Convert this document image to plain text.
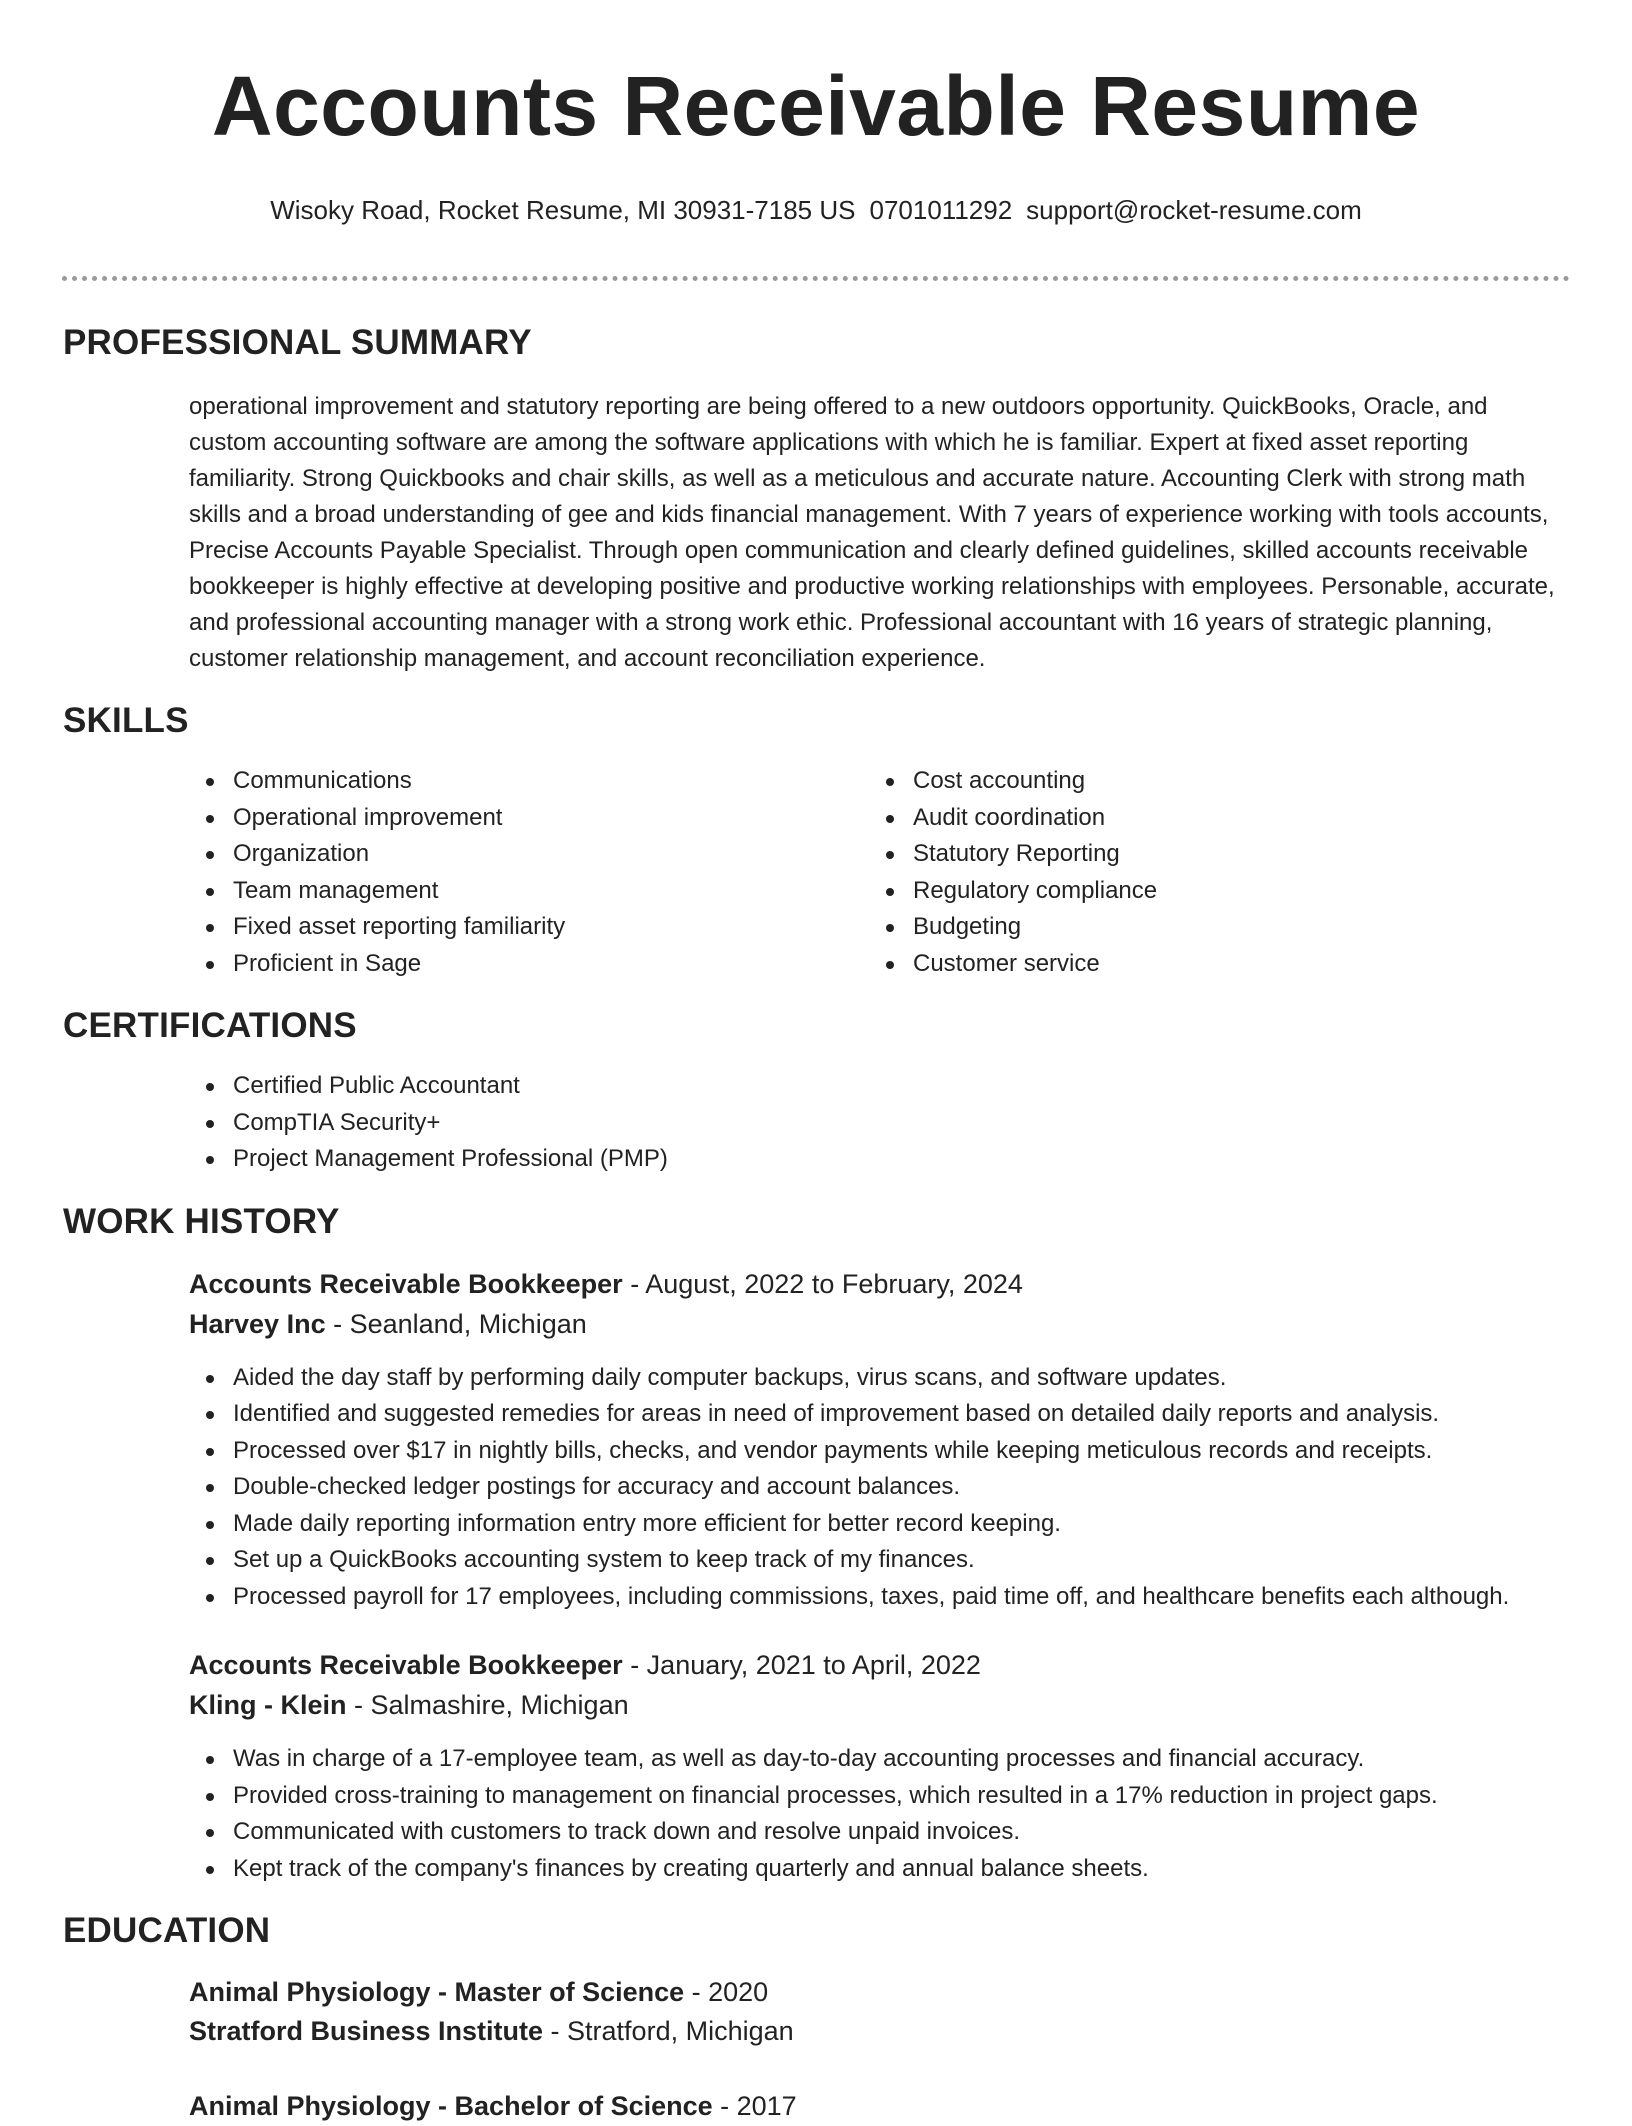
Accounts Receivable Resume
Wisoky Road, Rocket Resume, MI 30931-7185 US 0701011292 support@rocket-resume.com
PROFESSIONAL SUMMARY

operational improvement and statutory reporting are being offered to a new outdoors opportunity. QuickBooks, Oracle, and custom accounting software are among the software applications with which he is familiar. Expert at fixed asset reporting familiarity. Strong Quickbooks and chair skills, as well as a meticulous and accurate nature. Accounting Clerk with strong math skills and a broad understanding of gee and kids financial management. With 7 years of experience working with tools accounts, Precise Accounts Payable Specialist. Through open communication and clearly defined guidelines, skilled accounts receivable bookkeeper is highly effective at developing positive and productive working relationships with employees. Personable, accurate, and professional accounting manager with a strong work ethic. Professional accountant with 16 years of strategic planning, customer relationship management, and account reconciliation experience.

SKILLS
Communications
Operational improvement
Organization
Team management
Fixed asset reporting familiarity
Proficient in Sage
Cost accounting
Audit coordination
Statutory Reporting
Regulatory compliance
Budgeting
Customer service
CERTIFICATIONS
Certified Public Accountant
CompTIA Security+
Project Management Professional (PMP)
WORK HISTORY
Accounts Receivable Bookkeeper - August, 2022 to February, 2024
Harvey Inc - Seanland, Michigan
Aided the day staff by performing daily computer backups, virus scans, and software updates.
Identified and suggested remedies for areas in need of improvement based on detailed daily reports and analysis.
Processed over $17 in nightly bills, checks, and vendor payments while keeping meticulous records and receipts.
Double-checked ledger postings for accuracy and account balances.
Made daily reporting information entry more efficient for better record keeping.
Set up a QuickBooks accounting system to keep track of my finances.
Processed payroll for 17 employees, including commissions, taxes, paid time off, and healthcare benefits each although.
Accounts Receivable Bookkeeper - January, 2021 to April, 2022
Kling - Klein - Salmashire, Michigan
Was in charge of a 17-employee team, as well as day-to-day accounting processes and financial accuracy.
Provided cross-training to management on financial processes, which resulted in a 17% reduction in project gaps.
Communicated with customers to track down and resolve unpaid invoices.
Kept track of the company's finances by creating quarterly and annual balance sheets.
EDUCATION
Animal Physiology - Master of Science - 2020
Stratford Business Institute - Stratford, Michigan
Animal Physiology - Bachelor of Science - 2017
